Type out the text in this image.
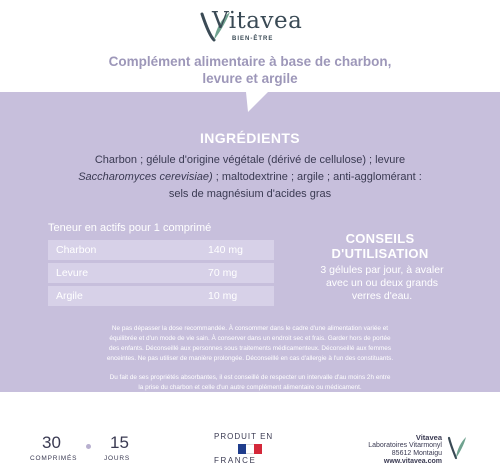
Vitavea
BIEN-ÊTRE
Complément alimentaire à base de charbon,
levure et argile
INGRÉDIENTS
Charbon ; gélule d'origine végétale (dérivé de cellulose) ; levure
Saccharomyces cerevisiae) ; maltodextrine ; argile ; anti-agglomérant :
sels de magnésium d'acides gras
Teneur en actifs pour 1 comprimé
Charbon	140 mg
Levure	70 mg
Argile	10 mg
CONSEILS
D'UTILISATION
3 gélules par jour, à avaler
avec un ou deux grands
verres d'eau.
Ne pas dépasser la dose recommandée. À consommer dans le cadre d'une alimentation variée et
équilibrée et d'un mode de vie sain. À conserver dans un endroit sec et frais. Garder hors de portée
des enfants. Déconseillé aux personnes sous traitements médicamenteux. Déconseillé aux femmes
enceintes. Ne pas utiliser de manière prolongée. Déconseillé en cas d'allergie à l'un des constituants.
Du fait de ses propriétés absorbantes, il est conseillé de respecter un intervalle d'au moins 2h entre
la prise du charbon et celle d'un autre complément alimentaire ou médicament.
30
COMPRIMÉS
15
JOURS
PRODUIT EN
FRANCE
Vitavea
Laboratoires Vitarmonyl
85612 Montaigu
www.vitavea.com
